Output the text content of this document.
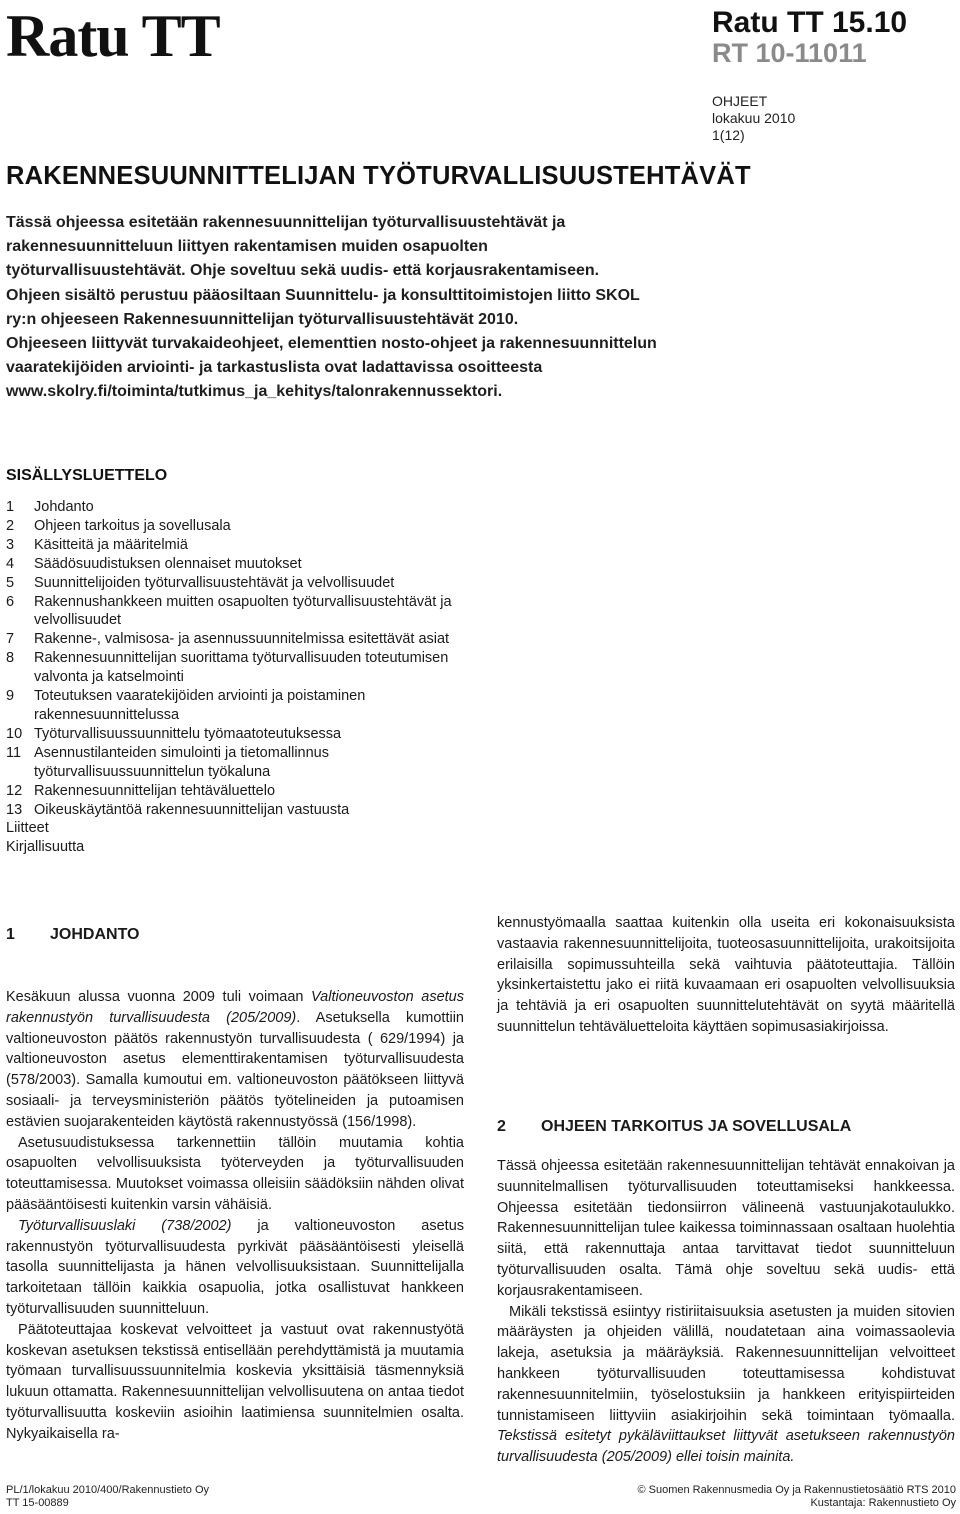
Ratu TT	Ratu TT 15.10
RT 10-11011
OHJEET
lokakuu 2010
1(12)
RAKENNESUUNNITTELIJAN TYÖTURVALLISUUSTEHTÄVÄT

Tässä ohjeessa esitetään rakennesuunnittelijan työturvallisuustehtävät ja rakennesuunnitteluun liittyen rakentamisen muiden osapuolten työturvallisuustehtävät. Ohje soveltuu sekä uudis- että korjausrakentamiseen.

Ohjeen sisältö perustuu pääosiltaan Suunnittelu- ja konsulttitoimistojen liitto SKOL ry:n ohjeeseen Rakennesuunnittelijan työturvallisuustehtävät 2010.

Ohjeeseen liittyvät turvakaideohjeet, elementtien nosto-ohjeet ja rakennesuunnittelun vaaratekijöiden arviointi- ja tarkastuslista ovat ladattavissa osoitteesta www.skolry.fi/toiminta/tutkimus_ja_kehitys/talonrakennussektori.

SISÄLLYSLUETTELO
1	Johdanto
2	Ohjeen tarkoitus ja sovellusala
3	Käsitteitä ja määritelmiä
4	Säädösuudistuksen olennaiset muutokset
5	Suunnittelijoiden työturvallisuustehtävät ja velvollisuudet
6	Rakennushankkeen muitten osapuolten työturvallisuustehtävät ja velvollisuudet
7	Rakenne-, valmisosa- ja asennussuunnitelmissa esitettävät asiat
8	Rakennesuunnittelijan suorittama työturvallisuuden toteutumisen valvonta ja katselmointi
9	Toteutuksen vaaratekijöiden arviointi ja poistaminen rakennesuunnittelussa
10 Työturvallisuussuunnittelu työmaatoteutuksessa
11 Asennustilanteiden simulointi ja tietomallinnus työturvallisuussuunnittelun työkaluna
12 Rakennesuunnittelijan tehtäväluettelo
13 Oikeuskäytäntöä rakennesuunnittelijan vastuusta
Liitteet
Kirjallisuutta
1 JOHDANTO

Kesäkuun alussa vuonna 2009 tuli voimaan Valtioneuvoston asetus rakennustyön turvallisuudesta (205/2009). Asetuksella kumottiin valtioneuvoston päätös rakennustyön turvallisuudesta ( 629/1994) ja valtioneuvoston asetus elementtirakentamisen työturvallisuudesta (578/2003). Samalla kumoutui em. valtioneuvoston päätökseen liittyvä sosiaali- ja terveysministeriön päätös työtelineiden ja putoamisen estävien suojarakenteiden käytöstä rakennustyössä (156/1998).

Asetusuudistuksessa tarkennettiin tällöin muutamia kohtia osapuolten velvollisuuksista työterveyden ja työturvallisuuden toteuttamisessa. Muutokset voimassa olleisiin säädöksiin nähden olivat pääsääntöisesti kuitenkin varsin vähäisiä.

Työturvallisuuslaki (738/2002) ja valtioneuvoston asetus rakennustyön työturvallisuudesta pyrkivät pääsääntöisesti yleisellä tasolla suunnittelijasta ja hänen velvollisuuksistaan. Suunnittelijalla tarkoitetaan tällöin kaikkia osapuolia, jotka osallistuvat hankkeen työturvallisuuden suunnitteluun.

Päätoteuttajaa koskevat velvoitteet ja vastuut ovat rakennustyötä koskevan asetuksen tekstissä entisellään perehdyttämistä ja muutamia työmaan turvallisuussuunnitelmia koskevia yksittäisiä täsmennyksiä lukuun ottamatta. Rakennesuunnittelijan velvollisuutena on antaa tiedot työturvallisuutta koskeviin asioihin laatimiensa suunnitelmien osalta. Nykyaikaisella ra-

kennustyömaalla saattaa kuitenkin olla useita eri kokonaisuuksista vastaavia rakennesuunnittelijoita, tuoteosasuunnittelijoita, urakoitsijoita erilaisilla sopimussuhteilla sekä vaihtuvia päätoteuttajia. Tällöin yksinkertaistettu jako ei riitä kuvaamaan eri osapuolten velvollisuuksia ja tehtäviä ja eri osapuolten suunnittelutehtävät on syytä määritellä suunnittelun tehtäväluetteloita käyttäen sopimusasiakirjoissa.

2 OHJEEN TARKOITUS JA SOVELLUSALA

Tässä ohjeessa esitetään rakennesuunnittelijan tehtävät ennakoivan ja suunnitelmallisen työturvallisuuden toteuttamiseksi hankkeessa. Ohjeessa esitetään tiedonsiirron välineenä vastuunjakotaulukko. Rakennesuunnittelijan tulee kaikessa toiminnassaan osaltaan huolehtia siitä, että rakennuttaja antaa tarvittavat tiedot suunnitteluun työturvallisuuden osalta. Tämä ohje soveltuu sekä uudis- että korjausrakentamiseen.

Mikäli tekstissä esiintyy ristiriitaisuuksia asetusten ja muiden sitovien määräysten ja ohjeiden välillä, noudatetaan aina voimassaolevia lakeja, asetuksia ja määräyksiä. Rakennesuunnittelijan velvoitteet hankkeen työturvallisuuden toteuttamisessa kohdistuvat rakennesuunnitelmiin, työselostuksiin ja hankkeen erityispiirteiden tunnistamiseen liittyviin asiakirjoihin sekä toimintaan työmaalla. Tekstissä esitetyt pykäläviittaukset liittyvät asetukseen rakennustyön turvallisuudesta (205/2009) ellei toisin mainita.

PL/1/lokakuu 2010/400/Rakennustieto Oy
TT 15-00889
© Suomen Rakennusmedia Oy ja Rakennustietosäätiö RTS 2010
Kustantaja: Rakennustieto Oy
